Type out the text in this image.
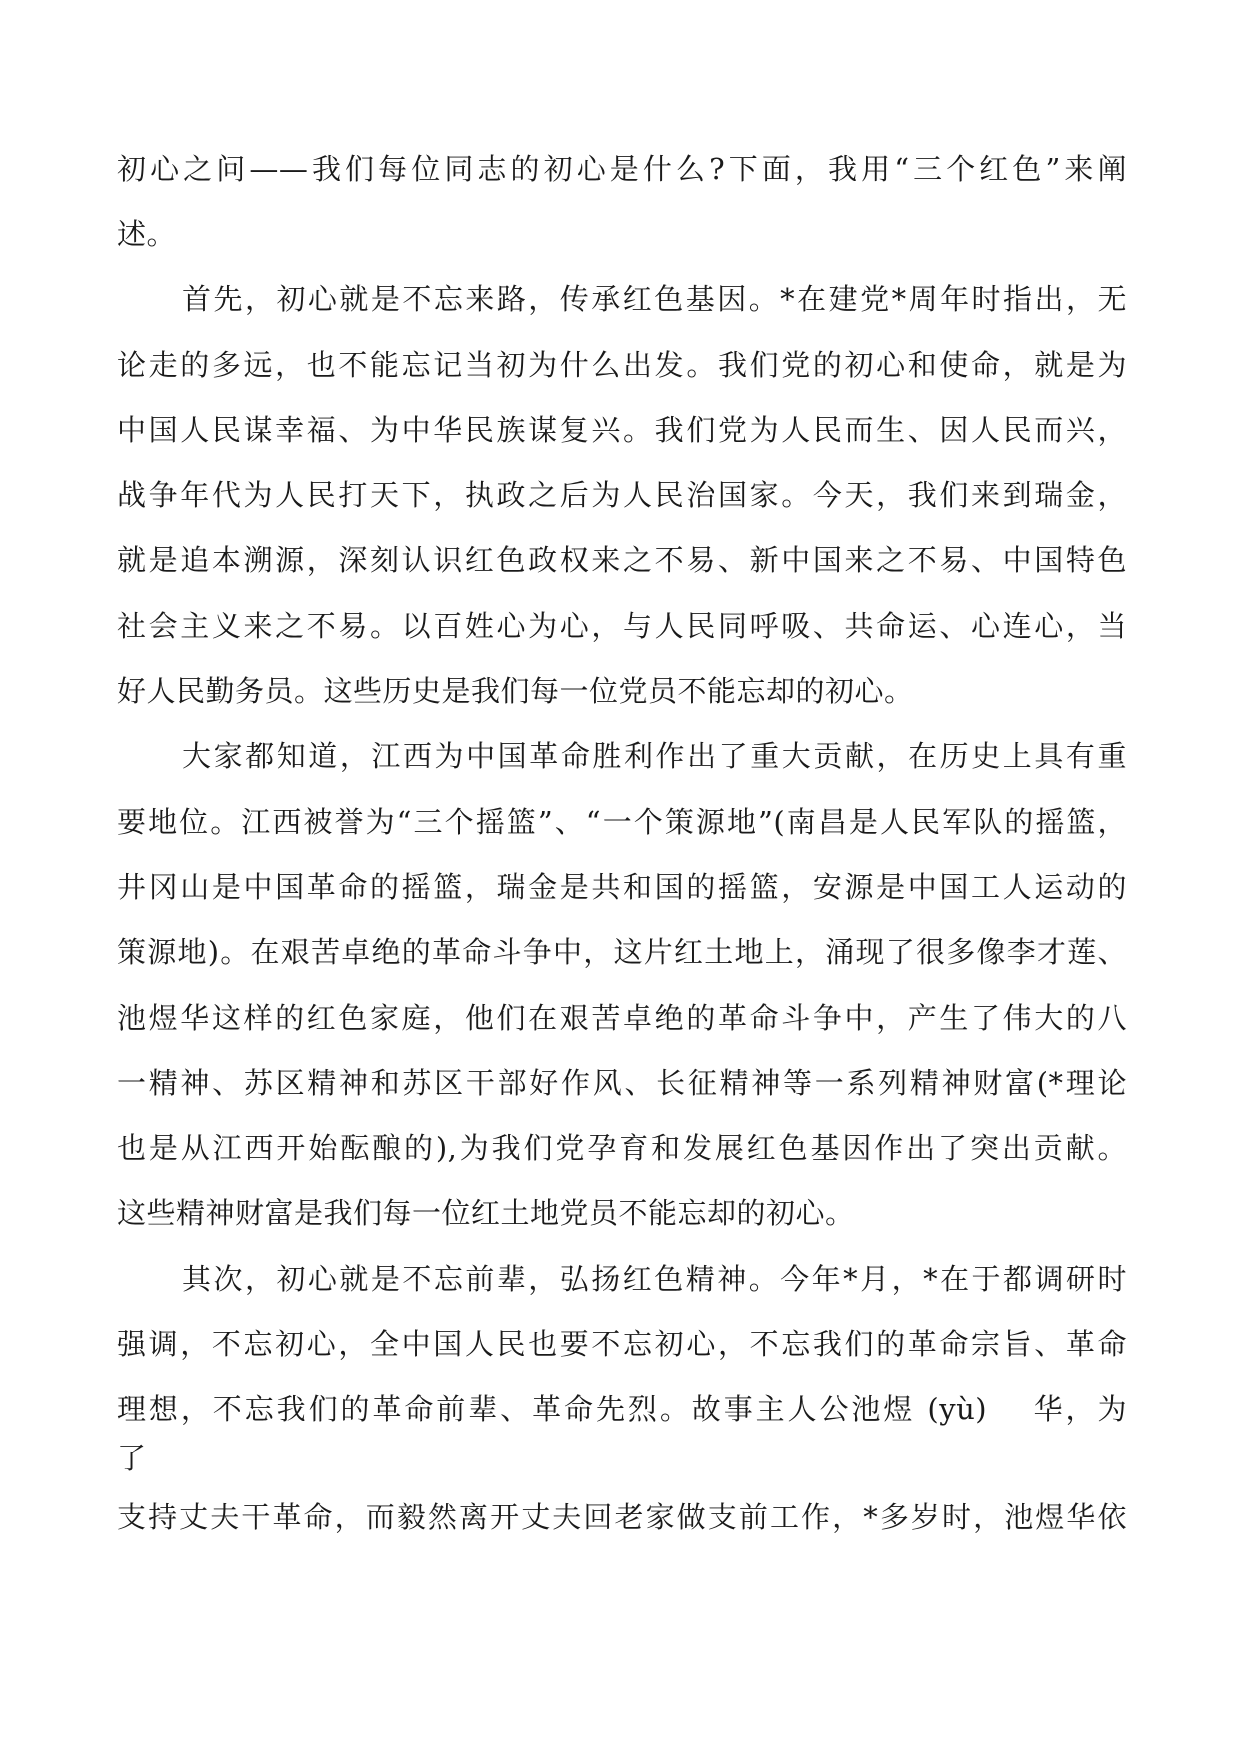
初心之问——我们每位同志的初心是什么?下面，我用“三个红色”来阐
述。
首先，初心就是不忘来路，传承红色基因。*在建党*周年时指出，无
论走的多远，也不能忘记当初为什么出发。我们党的初心和使命，就是为
中国人民谋幸福、为中华民族谋复兴。我们党为人民而生、因人民而兴，
战争年代为人民打天下，执政之后为人民治国家。今天，我们来到瑞金，
就是追本溯源，深刻认识红色政权来之不易、新中国来之不易、中国特色
社会主义来之不易。以百姓心为心，与人民同呼吸、共命运、心连心，当
好人民勤务员。这些历史是我们每一位党员不能忘却的初心。
大家都知道，江西为中国革命胜利作出了重大贡献，在历史上具有重
要地位。江西被誉为“三个摇篮”、“一个策源地”(南昌是人民军队的摇篮，
井冈山是中国革命的摇篮，瑞金是共和国的摇篮，安源是中国工人运动的
策源地)。在艰苦卓绝的革命斗争中，这片红土地上，涌现了很多像李才莲、
池煜华这样的红色家庭，他们在艰苦卓绝的革命斗争中，产生了伟大的八
一精神、苏区精神和苏区干部好作风、长征精神等一系列精神财富(*理论
也是从江西开始酝酿的),为我们党孕育和发展红色基因作出了突出贡献。
这些精神财富是我们每一位红土地党员不能忘却的初心。
其次，初心就是不忘前辈，弘扬红色精神。今年*月，*在于都调研时
强调，不忘初心，全中国人民也要不忘初心，不忘我们的革命宗旨、革命
理想，不忘我们的革命前辈、革命先烈。故事主人公池煜 (yù)　 华，为
了
支持丈夫干革命，而毅然离开丈夫回老家做支前工作，*多岁时，池煜华依
